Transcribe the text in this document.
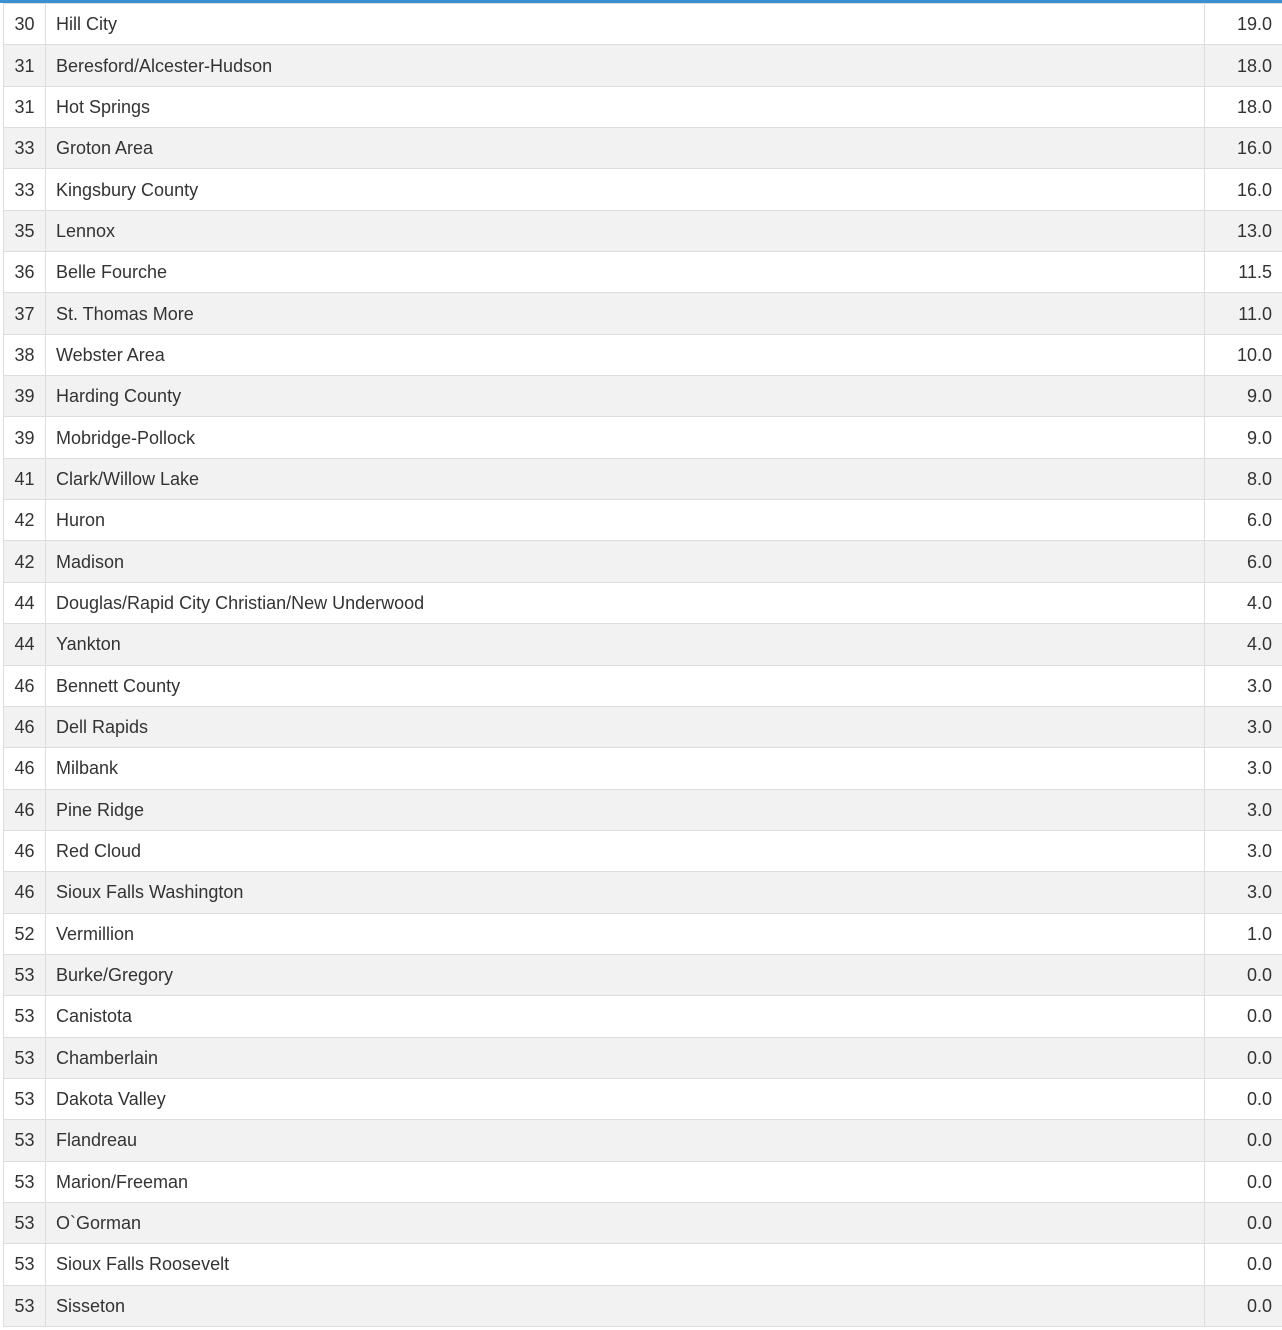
30	Hill City	19.0
31	Beresford/Alcester-Hudson	18.0
31	Hot Springs	18.0
33	Groton Area	16.0
33	Kingsbury County	16.0
35	Lennox	13.0
36	Belle Fourche	11.5
37	St. Thomas More	11.0
38	Webster Area	10.0
39	Harding County	9.0
39	Mobridge-Pollock	9.0
41	Clark/Willow Lake	8.0
42	Huron	6.0
42	Madison	6.0
44	Douglas/Rapid City Christian/New Underwood	4.0
44	Yankton	4.0
46	Bennett County	3.0
46	Dell Rapids	3.0
46	Milbank	3.0
46	Pine Ridge	3.0
46	Red Cloud	3.0
46	Sioux Falls Washington	3.0
52	Vermillion	1.0
53	Burke/Gregory	0.0
53	Canistota	0.0
53	Chamberlain	0.0
53	Dakota Valley	0.0
53	Flandreau	0.0
53	Marion/Freeman	0.0
53	O`Gorman	0.0
53	Sioux Falls Roosevelt	0.0
53	Sisseton	0.0
